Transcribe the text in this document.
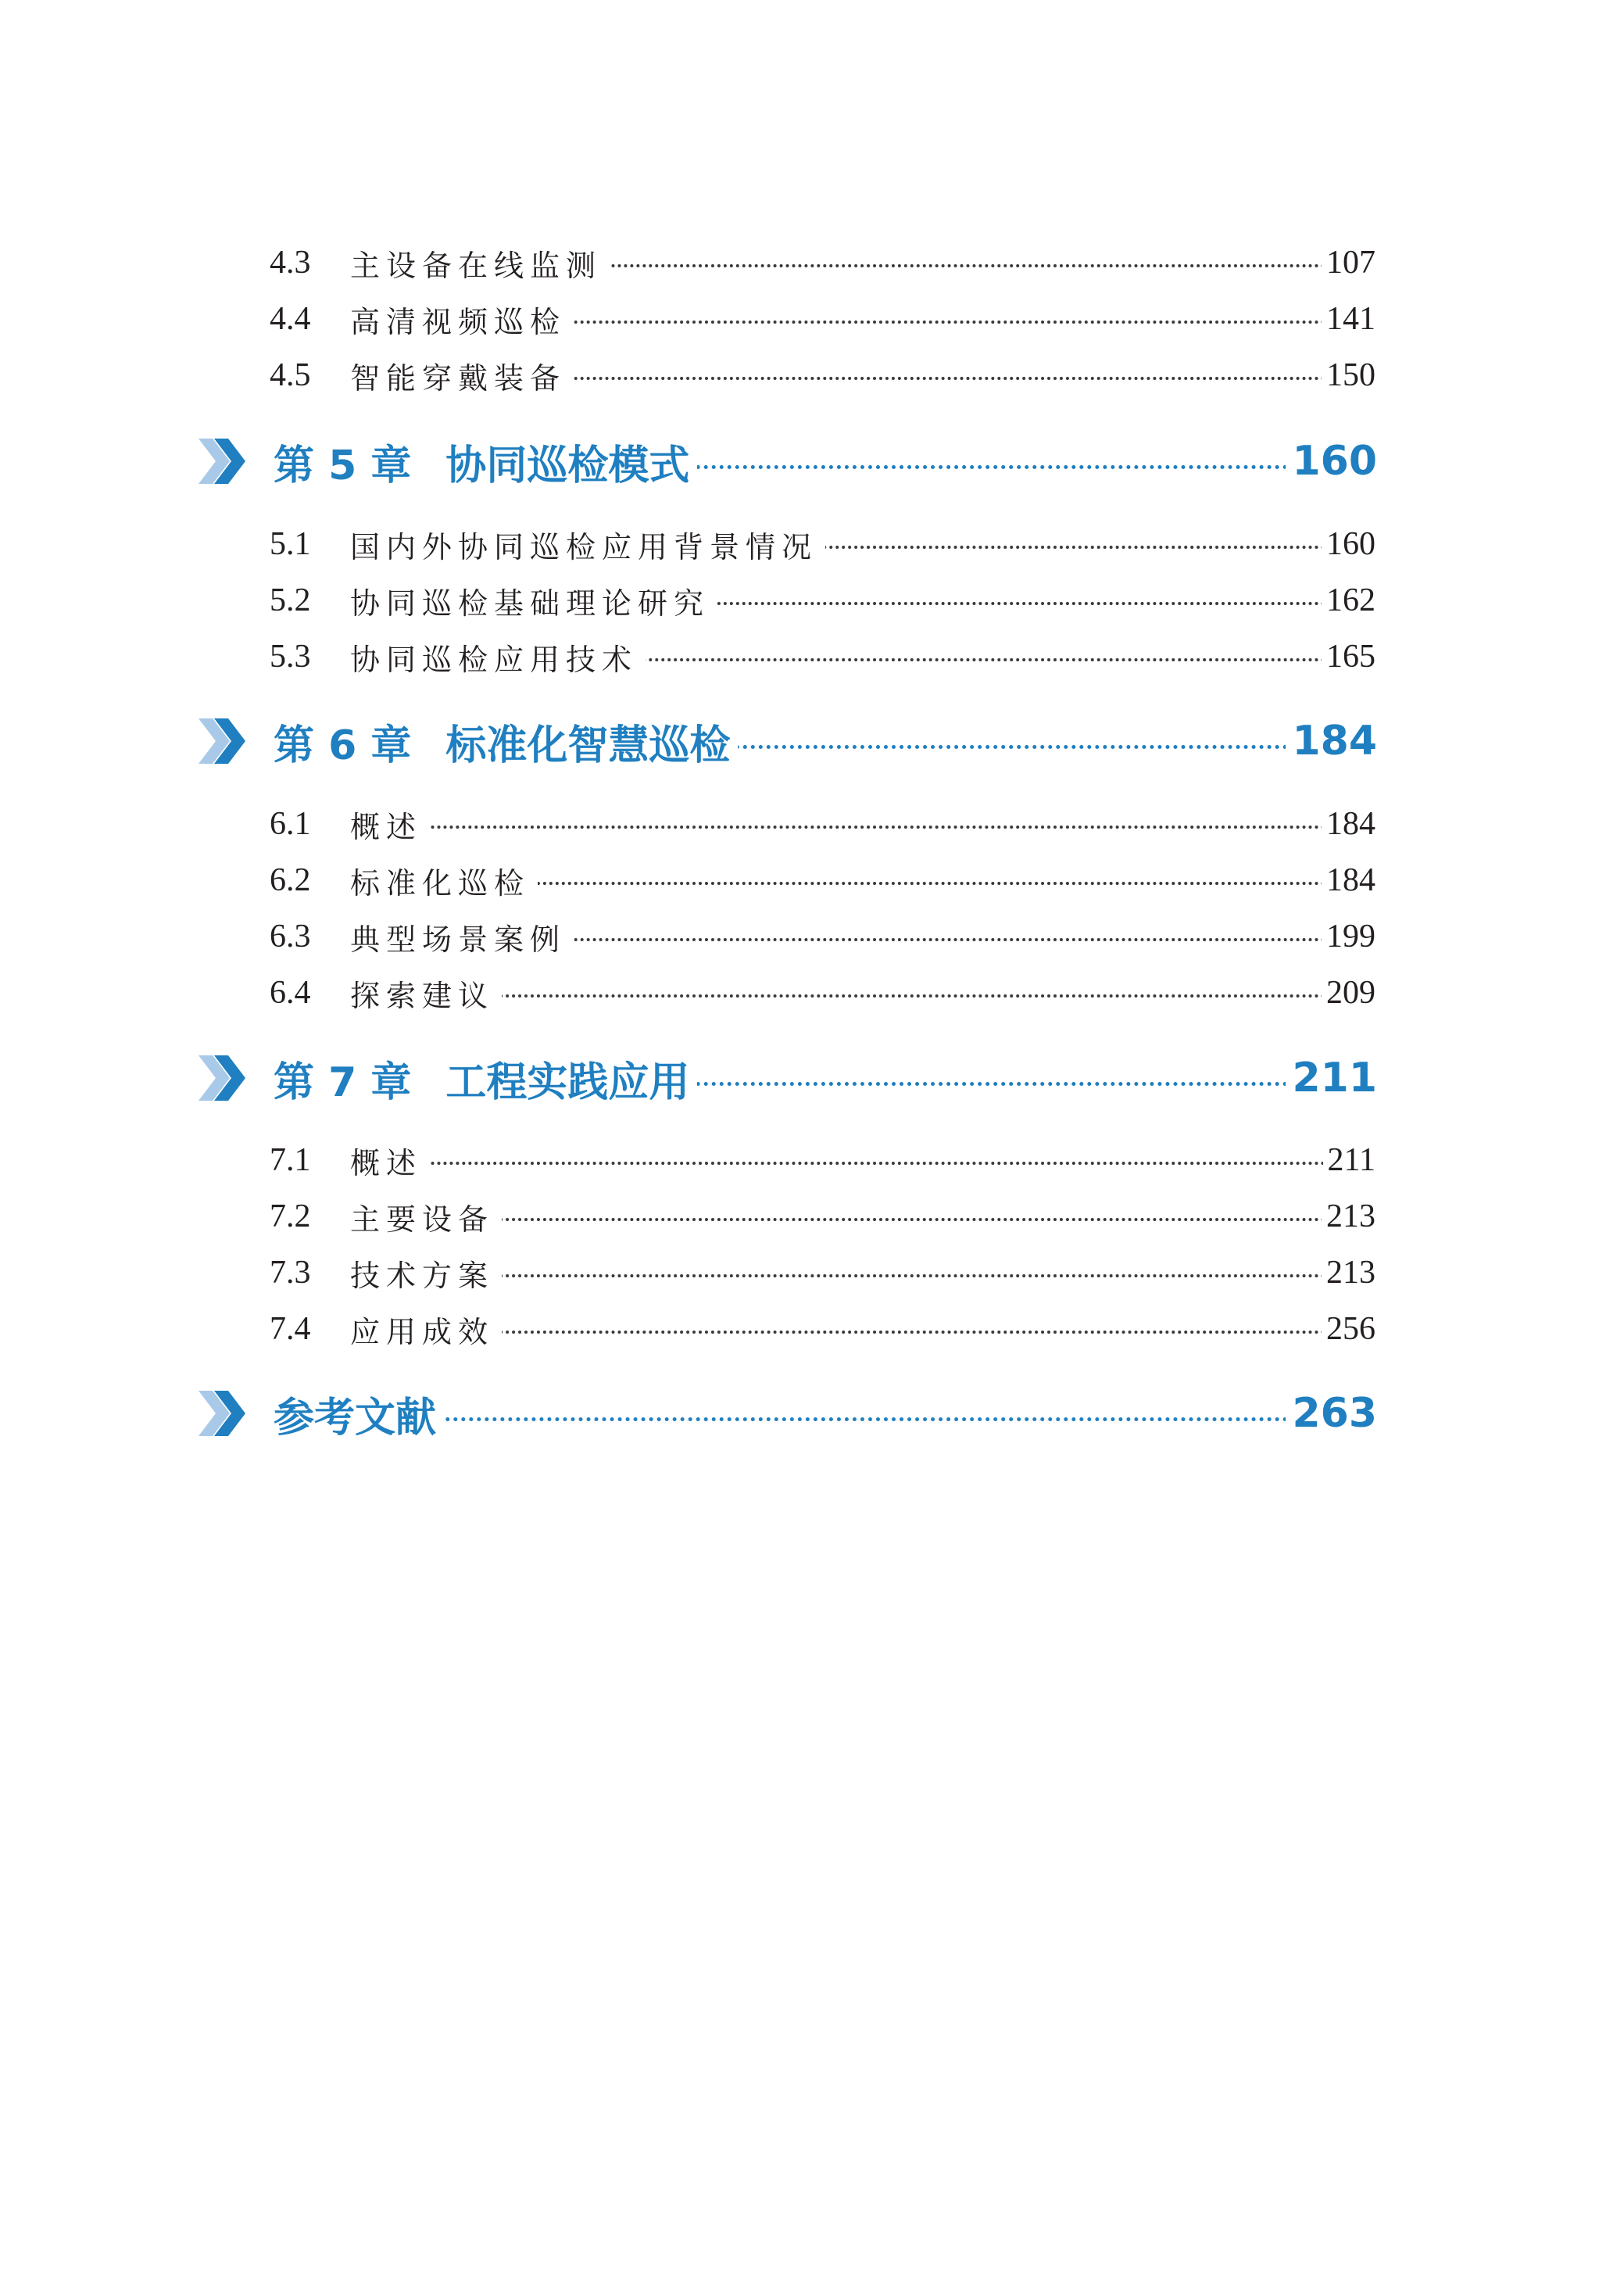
4.3	主设备在线监测	107
4.4	高清视频巡检	141
4.5	智能穿戴装备	150
第 5 章 协同巡检模式	160
5.1	国内外协同巡检应用背景情况	160
5.2	协同巡检基础理论研究	162
5.3	协同巡检应用技术	165
第 6 章 标准化智慧巡检	184
6.1	概述	184
6.2	标准化巡检	184
6.3	典型场景案例	199
6.4	探索建议	209
第 7 章 工程实践应用	211
7.1	概述	211
7.2	主要设备	213
7.3	技术方案	213
7.4	应用成效	256
参考文献	263
